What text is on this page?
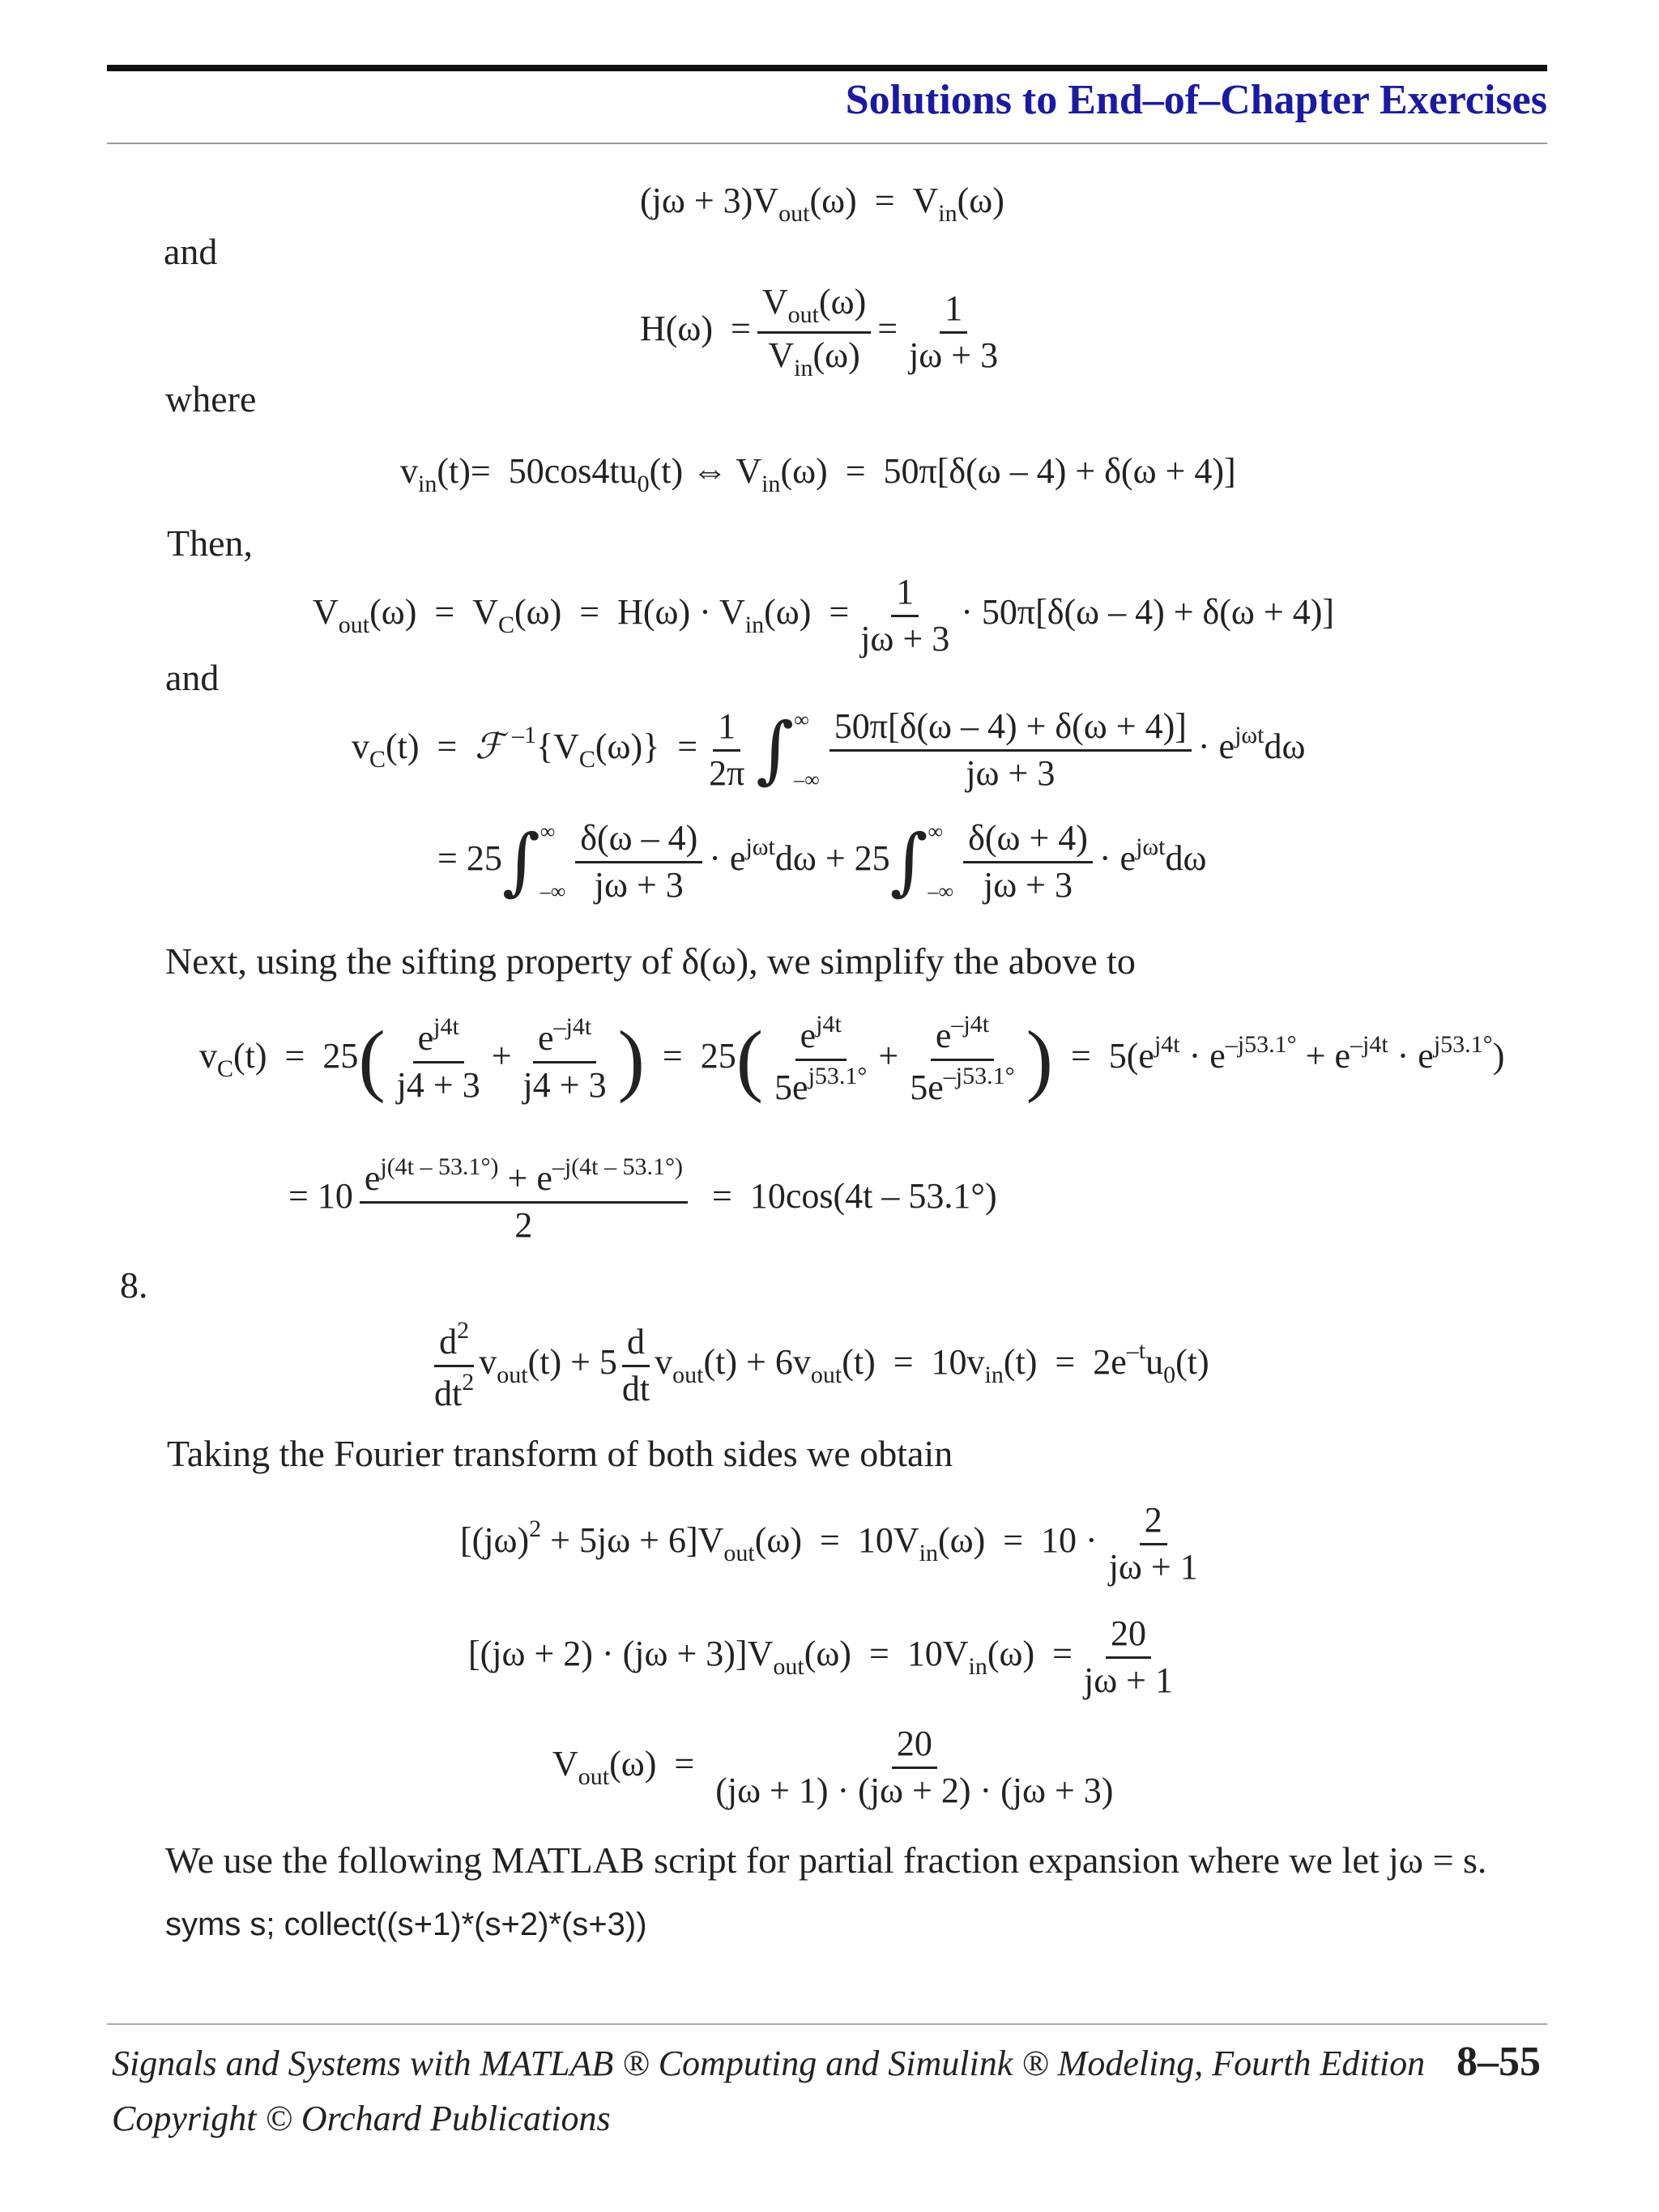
Solutions to End–of–Chapter Exercises
$(j\omega + 3)V_{out}(\omega) = V_{in}(\omega)$
and
$H(\omega) = \frac{V_{out}(\omega)}{V_{in}(\omega)} = \frac{1}{j\omega + 3}$
where
$v_{in}(t)= 50\cos 4tu_0(t)$ ⇔ $V_{in}(\omega) = 50\pi[\delta(\omega - 4) + \delta(\omega + 4)]$
Then,
$V_{out}(\omega) = V_C(\omega) = H(\omega) \cdot V_{in}(\omega) = \frac{1}{j\omega + 3} \cdot 50\pi[\delta(\omega - 4) + \delta(\omega + 4)]$
and
$v_C(t)$  =  ℱ $^{-1}\{V_C(\omega)\} = \frac{1}{2\pi}$ ∫ ∞
–∞ $\frac{50\pi[\delta(\omega - 4) + \delta(\omega + 4)]}{j\omega + 3} \cdot e^{j\omega t}d\omega$
= 25∫ ∞
–∞ $\frac{\delta(\omega - 4)}{j\omega + 3} \cdot e^{j\omega t}d\omega + 25\int$ ∞
–∞ $\frac{\delta(\omega + 4)}{j\omega + 3} \cdot e^{j\omega t}d\omega$
Next, using the sifting property of δ(ω), we simplify the above to
$v_C(t) = 25( \frac{e^{j4t}}{j4 + 3} + \frac{e^{-j4t}}{j4 + 3}$ )  =  $25( \frac{e^{j4t}}{5e^{j53.1^\circ}} + \frac{e^{-j4t}}{5e^{-j53.1^\circ}}$ )  =  $5(e^{j4t} \cdot e^{-j53.1^\circ} + e^{-j4t} \cdot e^{j53.1^\circ})$
= $10 \frac{e^{j(4t - 53.1^\circ)} + e^{-j(4t - 53.1^\circ)}}{2} = 10\cos(4t - 53.1^\circ)$
8.
$\frac{d^2}{dt^2} v_{out}(t) + 5 \frac{d}{dt} v_{out}(t) + 6v_{out}(t) = 10v_{in}(t) = 2e^{-t}u_0(t)$
Taking the Fourier transform of both sides we obtain
$[(j\omega)^2 + 5j\omega + 6]V_{out}(\omega) = 10V_{in}(\omega) = 10 \cdot \frac{2}{j\omega + 1}$
$[(j\omega + 2) \cdot (j\omega + 3)]V_{out}(\omega) = 10V_{in}(\omega) = \frac{20}{j\omega + 1}$
$V_{out}(\omega) = \frac{20}{(j\omega + 1) \cdot (j\omega + 2) \cdot (j\omega + 3)}$
We use the following MATLAB script for partial fraction expansion where we let jω = s.
syms s; collect((s+1)*(s+2)*(s+3))
Signals and Systems with MATLAB ® Computing and Simulink ® Modeling, Fourth Edition 8–55
Copyright © Orchard Publications
